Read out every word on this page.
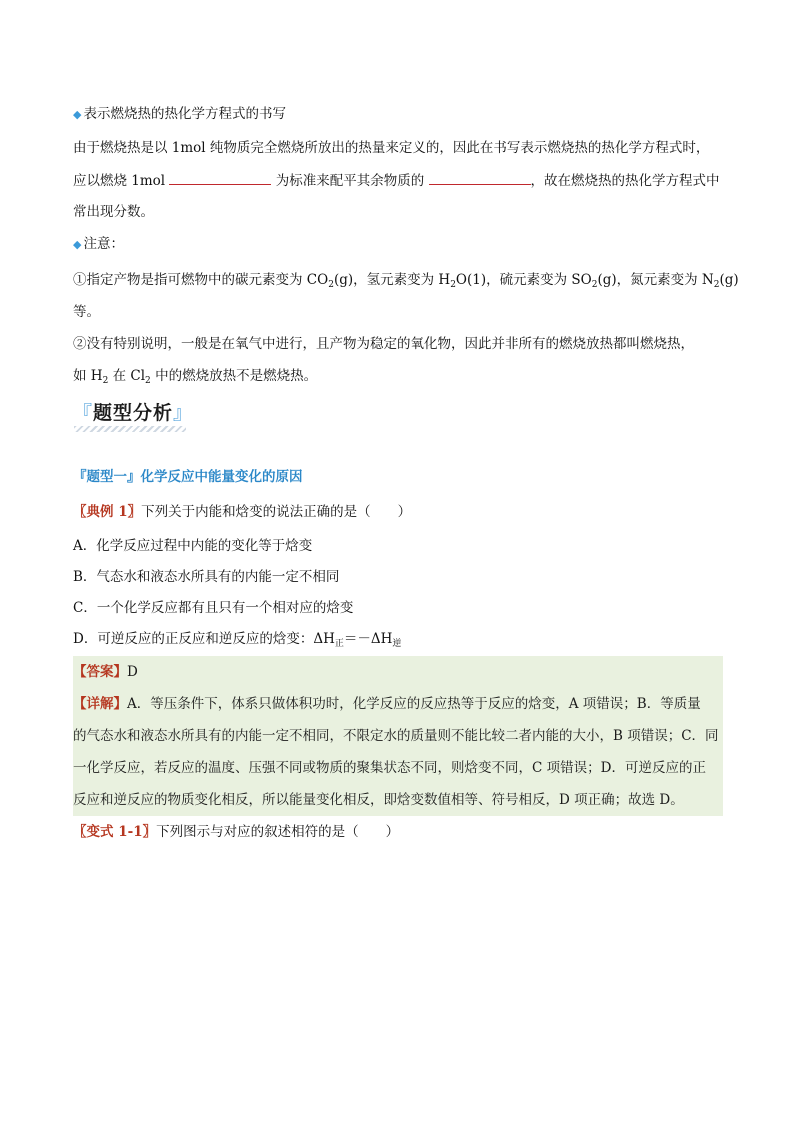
◆ 表示燃烧热的热化学方程式的书写
由于燃烧热是以 1mol 纯物质完全燃烧所放出的热量来定义的，因此在书写表示燃烧热的热化学方程式时，
应以燃烧 1mol	为标准来配平其余物质的	，故在燃烧热的热化学方程式中
常出现分数。
◆ 注意：
①指定产物是指可燃物中的碳元素变为 $CO_2(g)$，氢元素变为 $H_2O(1)$，硫元素变为 $SO_2(g)$，氮元素变为 $N_2(g)$
等。
②没有特别说明，一般是在氧气中进行，且产物为稳定的氧化物，因此并非所有的燃烧放热都叫燃烧热，
如 $H_2$ 在 $Cl_2$ 中的燃烧放热不是燃烧热。
『题型分析』
『题型一』化学反应中能量变化的原因
〖典例 1〗下列关于内能和焓变的说法正确的是（　　）
A．化学反应过程中内能的变化等于焓变
B．气态水和液态水所具有的内能一定不相同
C．一个化学反应都有且只有一个相对应的焓变
D．可逆反应的正反应和逆反应的焓变：$\Delta H_正=-\Delta H_逆$
【答案】D
【详解】A．等压条件下，体系只做体积功时，化学反应的反应热等于反应的焓变，A 项错误；B．等质量
的气态水和液态水所具有的内能一定不相同，不限定水的质量则不能比较二者内能的大小，B 项错误；C．同
一化学反应，若反应的温度、压强不同或物质的聚集状态不同，则焓变不同，C 项错误；D．可逆反应的正
反应和逆反应的物质变化相反，所以能量变化相反，即焓变数值相等、符号相反，D 项正确；故选 D。
〖变式 1-1〗下列图示与对应的叙述相符的是（　　）
